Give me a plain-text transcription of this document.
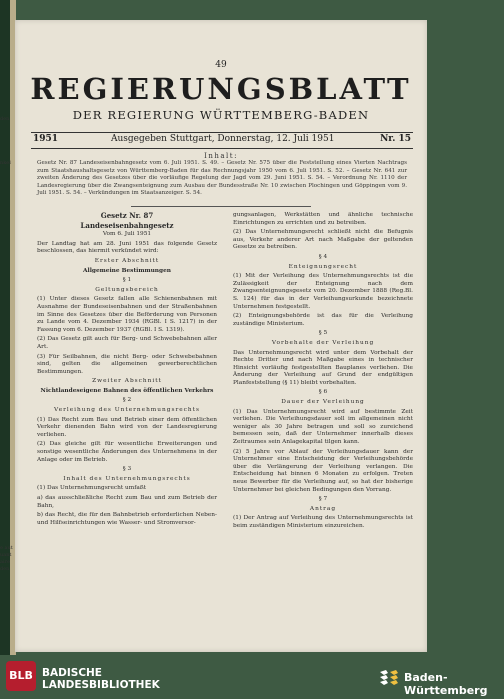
den
nkel
e aut
uant
aire
den
49
REGIERUNGSBLATT
DER REGIERUNG WÜRTTEMBERG-BADEN
1951	Ausgegeben Stuttgart, Donnerstag, 12. Juli 1951	Nr. 15
Inhalt:
Gesetz Nr. 87 Landeseisenbahngesetz vom 6. Juli 1951. S. 49. – Gesetz Nr. 575 über die Feststellung eines Vierten Nachtrags zum Staatshaushaltsgesetz von Württemberg-Baden für das Rechnungsjahr 1950 vom 6. Juli 1951. S. 52. – Gesetz Nr. 641 zur zweiten Änderung des Gesetzes über die vorläufige Regelung der Jagd vom 29. Juni 1951. S. 54. – Verordnung Nr. 1110 der Landesregierung über die Zwangsenteignung zum Ausbau der Bundesstraße Nr. 10 zwischen Plochingen und Göppingen vom 9. Juli 1951. S. 54. – Verkündungen im Staatsanzeiger. S. 54.

Gesetz Nr. 87

Landeseisenbahngesetz

Vom 6. Juli 1951

Der Landtag hat am 28. Juni 1951 das folgende Gesetz beschlossen, das hiermit verkündet wird:

Erster Abschnitt

Allgemeine Bestimmungen

§ 1

Geltungsbereich

(1) Unter dieses Gesetz fallen alle Schienenbahnen mit Ausnahme der Bundeseisenbahnen und der Straßenbahnen im Sinne des Gesetzes über die Beförderung von Personen zu Lande vom 4. Dezember 1934 (RGBl. I S. 1217) in der Fassung vom 6. Dezember 1937 (RGBl. I S. 1319).

(2) Das Gesetz gilt auch für Berg- und Schwebebahnen aller Art.

(3) Für Seilbahnen, die nicht Berg- oder Schwebebahnen sind, gelten die allgemeinen gewerberechtlichen Bestimmungen.

Zweiter Abschnitt

Nichtlandeseigene Bahnen des öffentlichen Verkehrs

§ 2

Verleihung des Unternehmungsrechts

(1) Das Recht zum Bau und Betrieb einer dem öffentlichen Verkehr dienenden Bahn wird von der Landesregierung verliehen.

(2) Das gleiche gilt für wesentliche Erweiterungen und sonstige wesentliche Änderungen des Unternehmens in der Anlage oder im Betrieb.

§ 3

Inhalt des Unternehmungsrechts

(1) Das Unternehmungsrecht umfaßt

a) das ausschließliche Recht zum Bau und zum Betrieb der Bahn,

b) das Recht, die für den Bahnbetrieb erforderlichen Neben- und Hilfseinrichtungen wie Wasser- und Stromversor-

gungsanlagen, Werkstätten und ähnliche technische Einrichtungen zu errichten und zu betreiben.

(2) Das Unternehmungsrecht schließt nicht die Befugnis aus, Verkehr anderer Art nach Maßgabe der geltenden Gesetze zu betreiben.

§ 4

Enteignungsrecht

(1) Mit der Verleihung des Unternehmungsrechts ist die Zulässigkeit der Enteignung nach dem Zwangsenteignungsgesetz vom 20. Dezember 1888 (Reg.Bl. S. 124) für das in der Verleihungsurkunde bezeichnete Unternehmen festgestellt.

(2) Enteignungsbehörde ist das für die Verleihung zuständige Ministerium.

§ 5

Vorbehalte der Verleihung

Das Unternehmungsrecht wird unter dem Vorbehalt der Rechte Dritter und nach Maßgabe eines in technischer Hinsicht vorläufig festgestellten Bauplanes verliehen. Die Änderung der Verleihung auf Grund der endgültigen Planfeststellung (§ 11) bleibt vorbehalten.

§ 6

Dauer der Verleihung

(1) Das Unternehmungsrecht wird auf bestimmte Zeit verliehen. Die Verleihungsdauer soll im allgemeinen nicht weniger als 30 Jahre betragen und soll so zureichend bemessen sein, daß der Unternehmer innerhalb dieses Zeitraumes sein Anlagekapital tilgen kann.

(2) 5 Jahre vor Ablauf der Verleihungsdauer kann der Unternehmer eine Entscheidung der Verleihungsbehörde über die Verlängerung der Verleihung verlangen. Die Entscheidung hat binnen 6 Monaten zu erfolgen. Treten neue Bewerber für die Verleihung auf, so hat der bisherige Unternehmer bei gleichen Bedingungen den Vorrang.

§ 7

Antrag

(1) Der Antrag auf Verleihung des Unternehmungsrechts ist beim zuständigen Ministerium einzureichen.

BLB BADISCHE
LANDESBIBLIOTHEK
Baden-Württemberg
